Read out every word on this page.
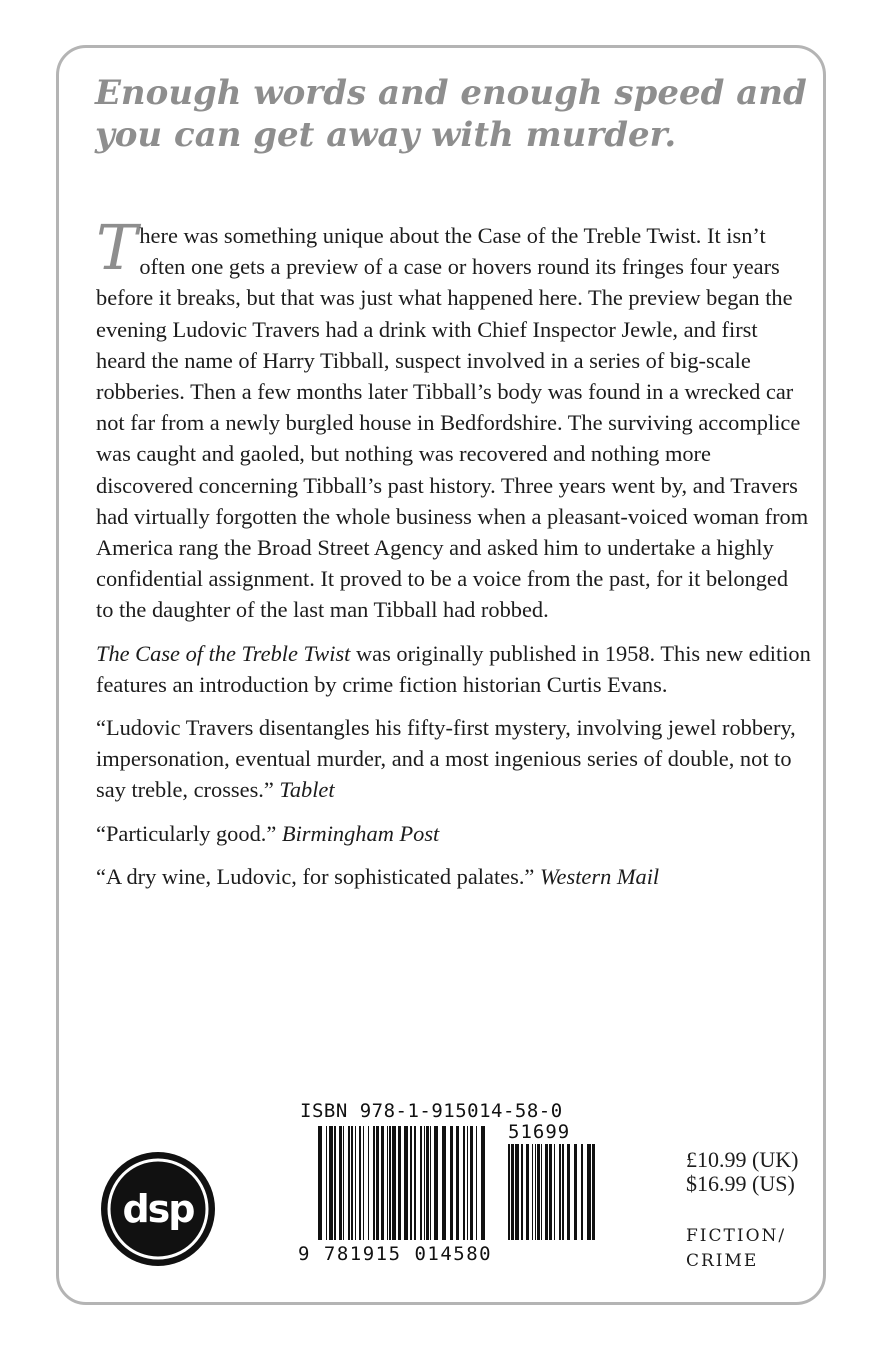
Enough words and enough speed and you can get away with murder.

There was something unique about the Case of the Treble Twist. It isn’t often one gets a preview of a case or hovers round its fringes four years before it breaks, but that was just what happened here. The preview began the evening Ludovic Travers had a drink with Chief Inspector Jewle, and first heard the name of Harry Tibball, suspect involved in a series of big-scale robberies. Then a few months later Tibball’s body was found in a wrecked car not far from a newly burgled house in Bedfordshire. The surviving accomplice was caught and gaoled, but nothing was recovered and nothing more discovered concerning Tibball’s past history. Three years went by, and Travers had virtually forgotten the whole business when a pleasant-voiced woman from America rang the Broad Street Agency and asked him to undertake a highly confidential assignment. It proved to be a voice from the past, for it belonged to the daughter of the last man Tibball had robbed.

The Case of the Treble Twist was originally published in 1958. This new edition features an introduction by crime fiction historian Curtis Evans.

“Ludovic Travers disentangles his fifty-first mystery, involving jewel robbery, impersonation, eventual murder, and a most ingenious series of double, not to say treble, crosses.” Tablet

“Particularly good.” Birmingham Post

“A dry wine, Ludovic, for sophisticated palates.” Western Mail

dsp

ISBN 978-1-915014-58-0

51699
9 781915 014580
£10.99 (UK)
$16.99 (US)
FICTION/
CRIME
